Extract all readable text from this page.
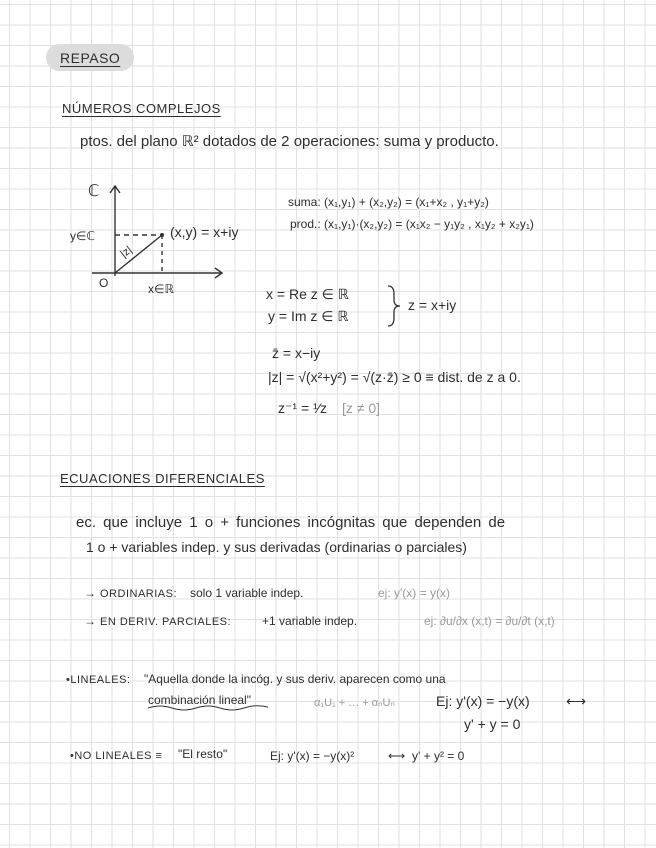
REPASO
NÚMEROS COMPLEJOS
ptos. del plano ℝ² dotados de 2 operaciones: suma y producto.
ℂ
y∈ℂ
x∈ℝ
O
(x,y) = x+iy
|z|
suma: (x₁,y₁) + (x₂,y₂) = (x₁+x₂ , y₁+y₂)
prod.: (x₁,y₁)·(x₂,y₂) = (x₁x₂ − y₁y₂ , x₁y₂ + x₂y₁)
x = Re z ∈ ℝ
y = Im z ∈ ℝ
z = x+iy
z̄ = x−iy
|z| = √(x²+y²) = √(z·z̄) ≥ 0 ≡ dist. de z a 0.
z⁻¹ = ¹⁄z [z ≠ 0]
ECUACIONES DIFERENCIALES
ec. que incluye 1 o + funciones incógnitas que dependen de
1 o + variables indep. y sus derivadas (ordinarias o parciales)
→ ORDINARIAS: solo 1 variable indep.	ej: y'(x) = y(x)
→ EN DERIV. PARCIALES:	+1 variable indep.	ej: ∂u/∂x (x,t) = ∂u/∂t (x,t)
•LINEALES: "Aquella donde la incóg. y sus deriv. aparecen como una
combinación lineal"	α₁U₁ + … + αₙUₙ	Ej: y'(x) = −y(x)	⟷
y' + y = 0
•NO LINEALES ≡ "El resto"	Ej: y'(x) = −y(x)²	⟷ y' + y² = 0
